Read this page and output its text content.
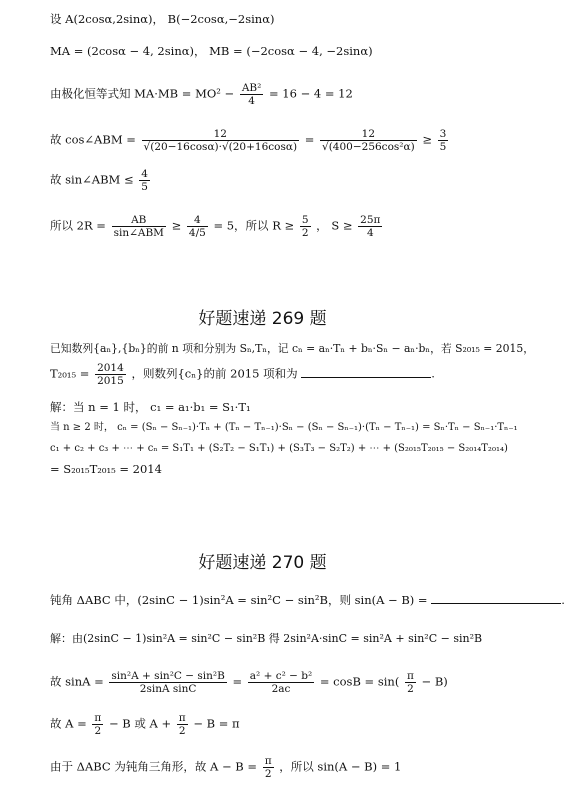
设 A(2cosα,2sinα)， B(−2cosα,−2sinα)
MA = (2cosα − 4, 2sinα)， MB = (−2cosα − 4, −2sinα)
由极化恒等式知 $MA\cdot MB = MO^2 - \frac{\text{AB²}}{4} = 16 - 4 = 12$
故 cos∠ABM = $\frac{12}{√(20-16\cos\alpha)\cdot√(20+16\cos\alpha)} = \frac{12}{\text{√(400−256cos²α)}} \ge \frac{3}{5}$
故 sin∠ABM ≤ $\frac{4}{5}$
所以 $2R = \frac{AB}{\text{sin∠ABM}} \ge \frac{4}{4/5} = 5$，所以 $R \ge \frac{5}{2}$ ， $S \ge \frac{25\pi}{4}$
好题速递 269 题
已知数列{aₙ},{bₙ}的前 n 项和分别为 Sₙ,Tₙ，记 cₙ = aₙ·Tₙ + bₙ·Sₙ − aₙ·bₙ，若 S₂₀₁₅ = 2015，
$T_{2015} = \frac{2014}{2015}$ ，则数列{cₙ}的前 2015 项和为	.
解：当 n = 1 时， c₁ = a₁·b₁ = S₁·T₁
当 n ≥ 2 时， cₙ = (Sₙ − Sₙ₋₁)·Tₙ + (Tₙ − Tₙ₋₁)·Sₙ − (Sₙ − Sₙ₋₁)·(Tₙ − Tₙ₋₁) = Sₙ·Tₙ − Sₙ₋₁·Tₙ₋₁
c₁ + c₂ + c₃ + ⋯ + cₙ = S₁T₁ + (S₂T₂ − S₁T₁) + (S₃T₃ − S₂T₂) + ⋯ + (S₂₀₁₅T₂₀₁₅ − S₂₀₁₄T₂₀₁₄)
= S₂₀₁₅T₂₀₁₅ = 2014
好题速递 270 题
钝角 ΔABC 中，(2sinC − 1)sin²A = sin²C − sin²B，则 sin(A − B) =	.
解：由(2sinC − 1)sin²A = sin²C − sin²B 得 2sin²A·sinC = sin²A + sin²C − sin²B
故 $\sin A = \frac{\text{sin²A + sin²C − sin²B}}{\text{2sinA sinC}} = \frac{\text{a² + c² − b²}}{2ac} = \cos B = \sin( \frac{\pi}{2} - B)$
故 $A = \frac{\pi}{2} - B$ 或 $A + \frac{\pi}{2} - B = \pi$
由于 ΔABC 为钝角三角形，故 $A - B = \frac{\pi}{2}$ ，所以 sin(A − B) = 1
